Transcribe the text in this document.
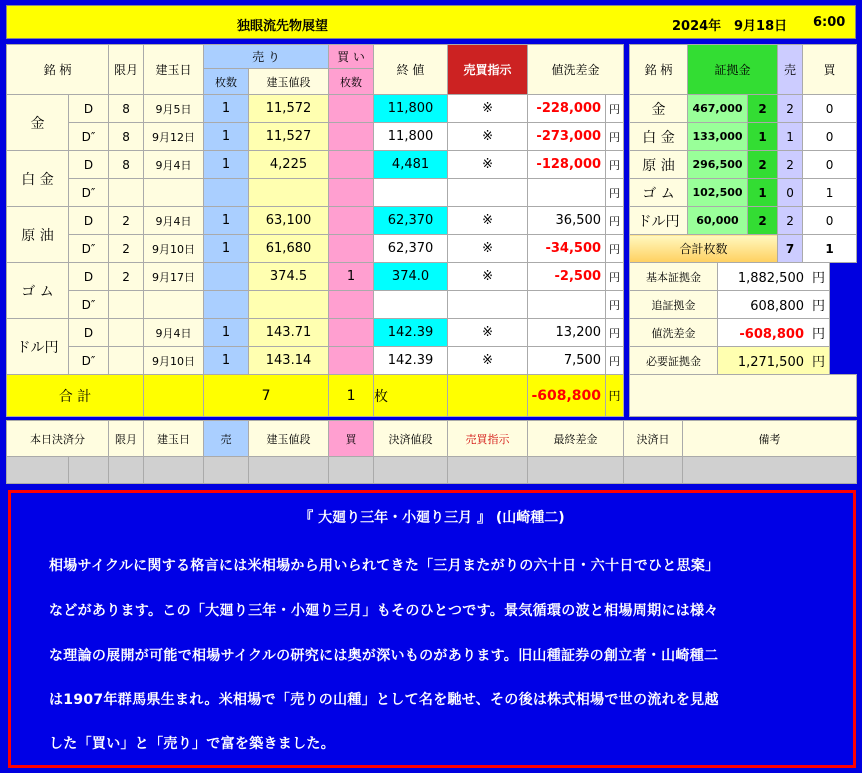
独眼流先物展望	2024年 9月18日 6:00
銘 柄		限月	建玉日	売 り		買 い	終 値	売買指示	値洗差金	
				枚数	建玉値段	枚数				
金	D	8	9月5日	1	11,572		11,800	※	-228,000	円
	D″	8	9月12日	1	11,527		11,800	※	-273,000	円
白 金	D	8	9月4日	1	4,225		4,481	※	-128,000	円
	D″									円
原 油	D	2	9月4日	1	63,100		62,370	※	36,500	円
	D″	2	9月10日	1	61,680		62,370	※	-34,500	円
ゴ ム	D	2	9月17日		374.5	1	374.0	※	-2,500	円
	D″									円
ドル円	D		9月4日	1	143.71		142.39	※	13,200	円
	D″		9月10日	1	143.14		142.39	※	7,500	円
合 計				7		1	枚		-608,800	円
銘 柄	証拠金			売	買
金	467,000		2	2	0
白 金	133,000		1	1	0
原 油	296,500		2	2	0
ゴ ム	102,500		1	0	1
ドル円	60,000		2	2	0
合計枚数				7	1
基本証拠金		1,882,500 円			
追証拠金		608,800 円			
値洗差金		-608,800 円			
必要証拠金		1,271,500 円			

本日決済分		限月	建玉日	売	建玉値段	買	決済値段	売買指示	最終差金	決済日	備考

『 大廻り三年・小廻り三月 』 (山崎種二)
相場サイクルに関する格言には米相場から用いられてきた「三月またがりの六十日・六十日でひと思案」
などがあります。この「大廻り三年・小廻り三月」もそのひとつです。景気循環の波と相場周期には様々
な理論の展開が可能で相場サイクルの研究には奥が深いものがあります。旧山種証券の創立者・山崎種二
は1907年群馬県生まれ。米相場で「売りの山種」として名を馳せ、その後は株式相場で世の流れを見越
した「買い」と「売り」で富を築きました。
